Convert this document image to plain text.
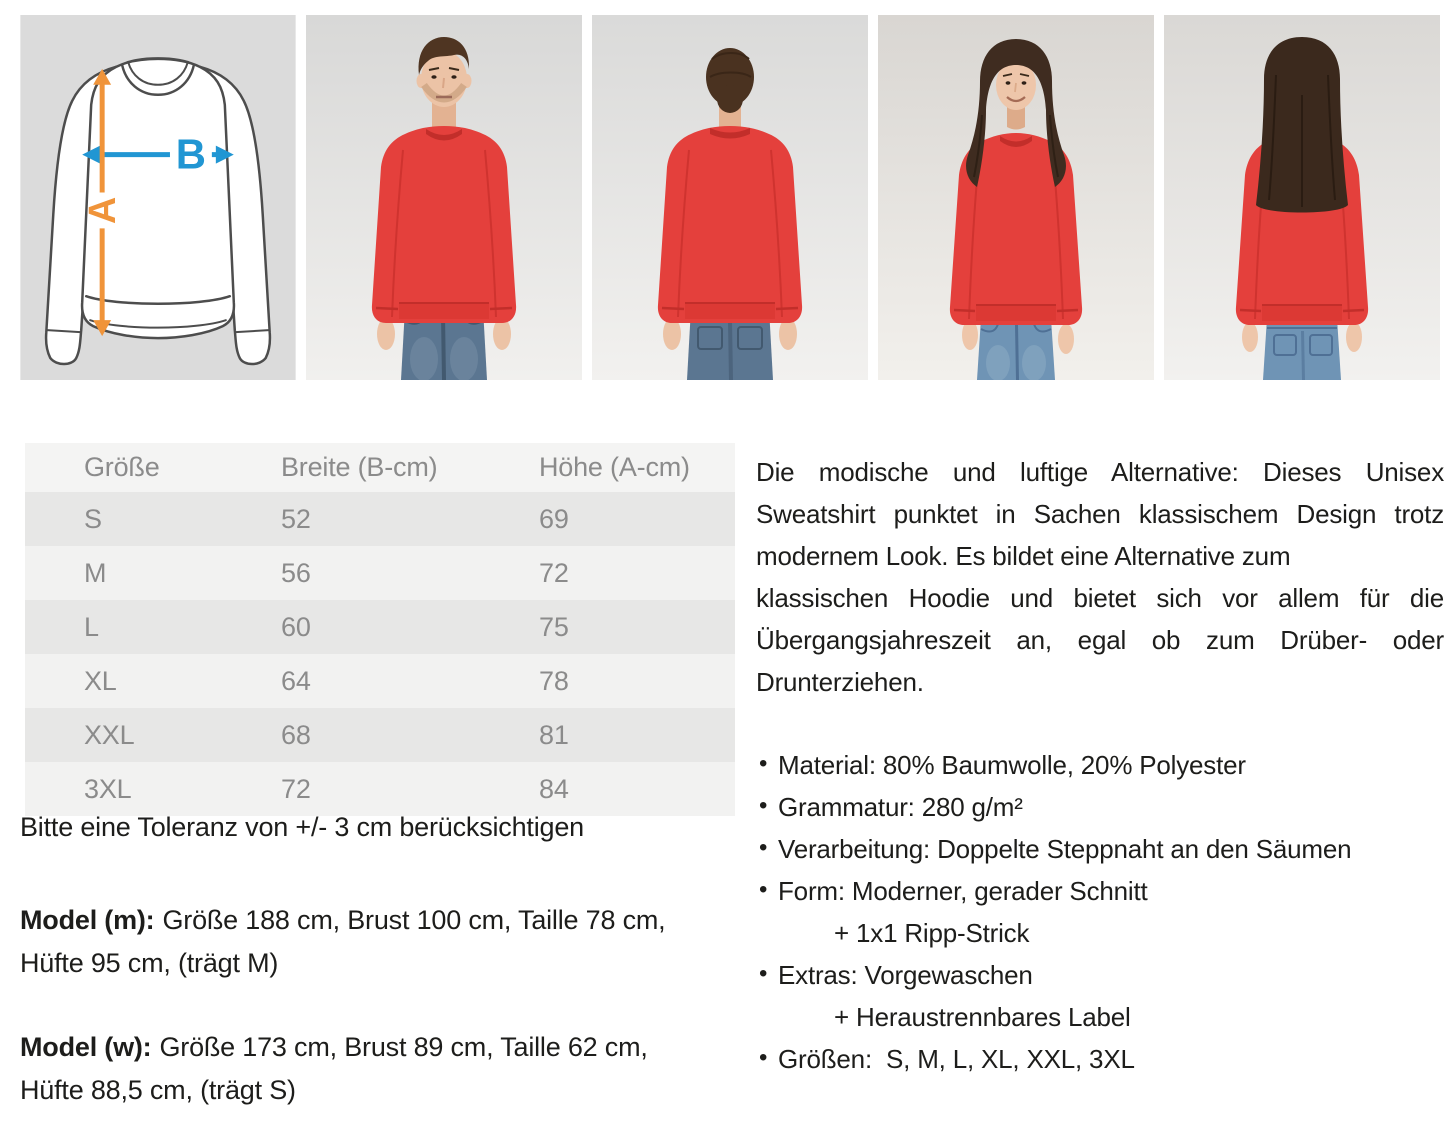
B
A
Größe	Breite (B-cm)	Höhe (A-cm)
S	52	69
M	56	72
L	60	75
XL	64	78
XXL	68	81
3XL	72	84
Bitte eine Toleranz von +/- 3 cm berücksichtigen
Model (m): Größe 188 cm, Brust 100 cm, Taille 78 cm,
Hüfte 95 cm, (trägt M)
Model (w): Größe 173 cm, Brust 89 cm, Taille 62 cm,
Hüfte 88,5 cm, (trägt S)
Die modische und luftige Alternative: Dieses Unisex
Sweatshirt punktet in Sachen klassischem Design trotz
modernem Look. Es bildet eine Alternative zum
klassischen Hoodie und bietet sich vor allem für die
Übergangsjahreszeit an, egal ob zum Drüber- oder
Drunterziehen.
• Material: 80% Baumwolle, 20% Polyester
• Grammatur: 280 g/m²
• Verarbeitung: Doppelte Steppnaht an den Säumen
• Form: Moderner, gerader Schnitt
+ 1x1 Ripp-Strick
• Extras: Vorgewaschen
+ Heraustrennbares Label
• Größen:  S, M, L, XL, XXL, 3XL
